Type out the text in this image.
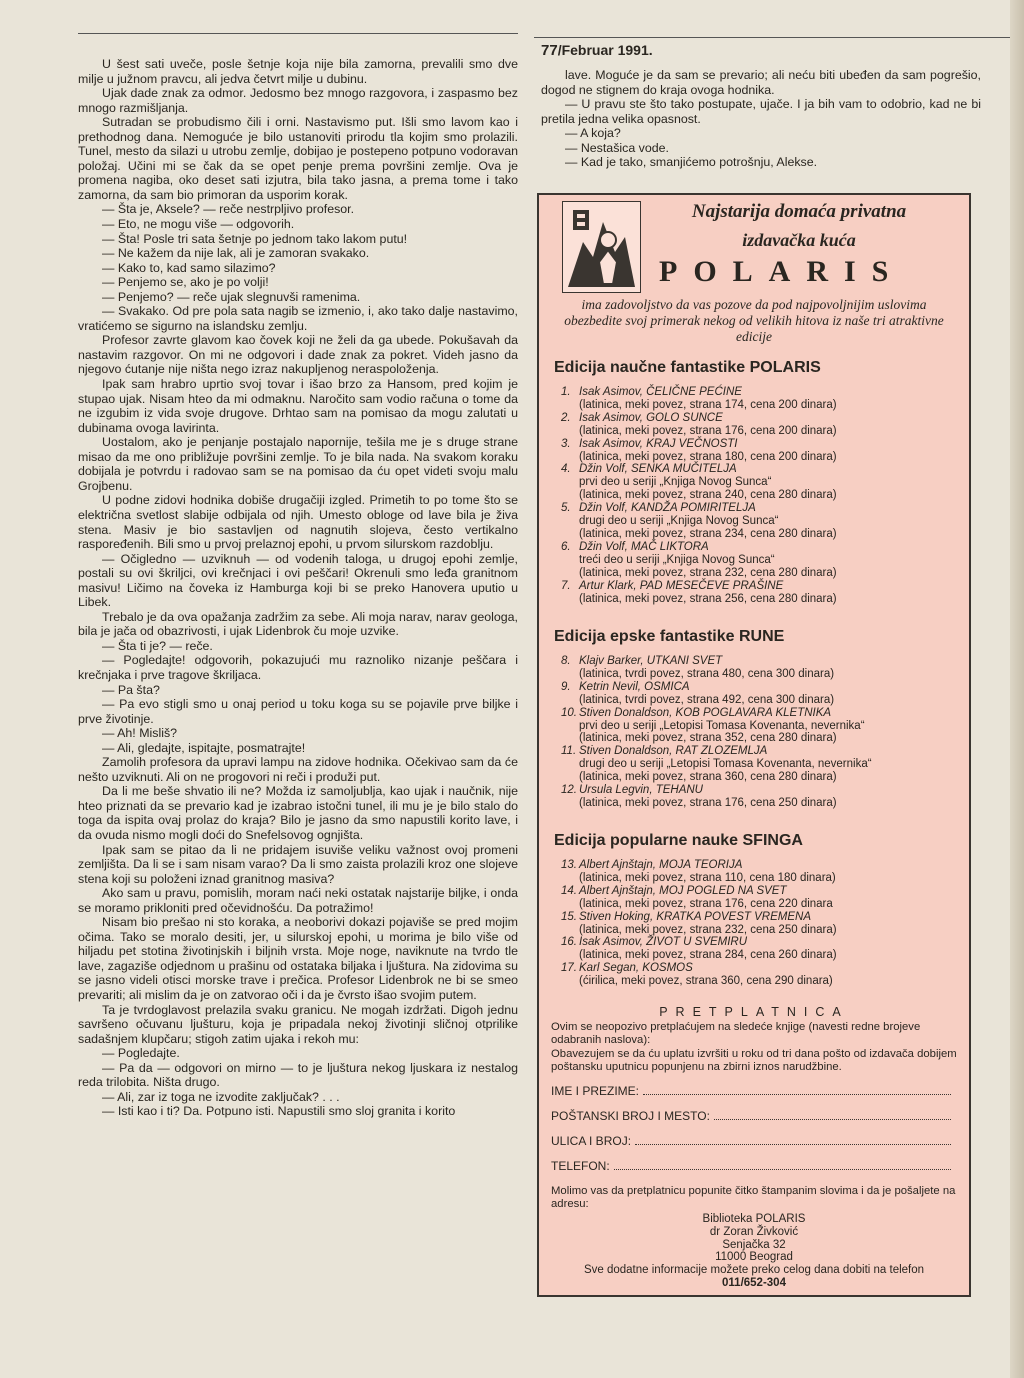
U šest sati uveče, posle šetnje koja nije bila zamorna, prevalili smo dve milje u južnom pravcu, ali jedva četvrt milje u dubinu.

Ujak dade znak za odmor. Jedosmo bez mnogo razgovora, i zaspasmo bez mnogo razmišljanja.

Sutradan se probudismo čili i orni. Nastavismo put. Išli smo lavom kao i prethodnog dana. Nemoguće je bilo ustanoviti prirodu tla kojim smo prolazili. Tunel, mesto da silazi u utrobu zemlje, dobijao je postepeno potpuno vodoravan položaj. Učini mi se čak da se opet penje prema površini zemlje. Ova je promena nagiba, oko deset sati izjutra, bila tako jasna, a prema tome i tako zamorna, da sam bio primoran da usporim korak.

— Šta je, Aksele? — reče nestrpljivo profesor.

— Eto, ne mogu više — odgovorih.

— Šta! Posle tri sata šetnje po jednom tako lakom putu!

— Ne kažem da nije lak, ali je zamoran svakako.

— Kako to, kad samo silazimo?

— Penjemo se, ako je po volji!

— Penjemo? — reče ujak slegnuvši ramenima.

— Svakako. Od pre pola sata nagib se izmenio, i, ako tako dalje nastavimo, vratićemo se sigurno na islandsku zemlju.

Profesor zavrte glavom kao čovek koji ne želi da ga ubede. Pokušavah da nastavim razgovor. On mi ne odgovori i dade znak za pokret. Videh jasno da njegovo ćutanje nije ništa nego izraz nakupljenog neraspoloženja.

Ipak sam hrabro uprtio svoj tovar i išao brzo za Hansom, pred kojim je stupao ujak. Nisam hteo da mi odmaknu. Naročito sam vodio računa o tome da ne izgubim iz vida svoje drugove. Drhtao sam na pomisao da mogu zalutati u dubinama ovoga lavirinta.

Uostalom, ako je penjanje postajalo napornije, tešila me je s druge strane misao da me ono približuje površini zemlje. To je bila nada. Na svakom koraku dobijala je potvrdu i radovao sam se na pomisao da ću opet videti svoju malu Grojbenu.

U podne zidovi hodnika dobiše drugačiji izgled. Primetih to po tome što se električna svetlost slabije odbijala od njih. Umesto obloge od lave bila je živa stena. Masiv je bio sastavljen od nagnutih slojeva, često vertikalno raspoređenih. Bili smo u prvoj prelaznoj epohi, u prvom silurskom razdoblju.

— Očigledno — uzviknuh — od vodenih taloga, u drugoj epohi zemlje, postali su ovi škriljci, ovi krečnjaci i ovi peščari! Okrenuli smo leđa granitnom masivu! Ličimo na čoveka iz Hamburga koji bi se preko Hanovera uputio u Libek.

Trebalo je da ova opažanja zadržim za sebe. Ali moja narav, narav geologa, bila je jača od obazrivosti, i ujak Lidenbrok ču moje uzvike.

— Šta ti je? — reče.

— Pogledajte! odgovorih, pokazujući mu raznoliko nizanje peščara i krečnjaka i prve tragove škriljaca.

— Pa šta?

— Pa evo stigli smo u onaj period u toku koga su se pojavile prve biljke i prve životinje.

— Ah! Misliš?

— Ali, gledajte, ispitajte, posmatrajte!

Zamolih profesora da upravi lampu na zidove hodnika. Očekivao sam da će nešto uzviknuti. Ali on ne progovori ni reči i produži put.

Da li me beše shvatio ili ne? Možda iz samoljublja, kao ujak i naučnik, nije hteo priznati da se prevario kad je izabrao istočni tunel, ili mu je je bilo stalo do toga da ispita ovaj prolaz do kraja? Bilo je jasno da smo napustili korito lave, i da ovuda nismo mogli doći do Snefelsovog ognjišta.

Ipak sam se pitao da li ne pridajem isuviše veliku važnost ovoj promeni zemljišta. Da li se i sam nisam varao? Da li smo zaista prolazili kroz one slojeve stena koji su položeni iznad granitnog masiva?

Ako sam u pravu, pomislih, moram naći neki ostatak najstarije biljke, i onda se moramo prikloniti pred očevidnošću. Da potražimo!

Nisam bio prešao ni sto koraka, a neoborivi dokazi pojaviše se pred mojim očima. Tako se moralo desiti, jer, u silurskoj epohi, u morima je bilo više od hiljadu pet stotina životinjskih i biljnih vrsta. Moje noge, naviknute na tvrdo tle lave, zagaziše odjednom u prašinu od ostataka biljaka i ljuštura. Na zidovima su se jasno videli otisci morske trave i prečica. Profesor Lidenbrok ne bi se smeo prevariti; ali mislim da je on zatvorao oči i da je čvrsto išao svojim putem.

Ta je tvrdoglavost prelazila svaku granicu. Ne mogah izdržati. Digoh jednu savršeno očuvanu ljušturu, koja je pripadala nekoj životinji sličnoj otprilike sadašnjem klupčaru; stigoh zatim ujaka i rekoh mu:

— Pogledajte.

— Pa da — odgovori on mirno — to je ljuštura nekog ljuskara iz nestalog reda trilobita. Ništa drugo.

— Ali, zar iz toga ne izvodite zaključak? . . .

— Isti kao i ti? Da. Potpuno isti. Napustili smo sloj granita i korito

77/Februar 1991.

lave. Moguće je da sam se prevario; ali neću biti ubeđen da sam pogrešio, dogod ne stignem do kraja ovoga hodnika.

— U pravu ste što tako postupate, ujače. I ja bih vam to odobrio, kad ne bi pretila jedna velika opasnost.

— A koja?

— Nestašica vode.

— Kad je tako, smanjićemo potrošnju, Alekse.

Najstarija domaća privatna
izdavačka kuća
POLARIS
ima zadovoljstvo da vas pozove da pod najpovoljnijim uslovima obezbedite svoj primerak nekog od velikih hitova iz naše tri atraktivne edicije
Edicija naučne fantastike POLARIS
1. Isak Asimov, ČELIČNE PEĆINE
(latinica, meki povez, strana 174, cena 200 dinara)
2. Isak Asimov, GOLO SUNCE
(latinica, meki povez, strana 176, cena 200 dinara)
3. Isak Asimov, KRAJ VEČNOSTI
(latinica, meki povez, strana 180, cena 200 dinara)
4. Džin Volf, SENKA MUČITELJA
prvi deo u seriji „Knjiga Novog Sunca“
(latinica, meki povez, strana 240, cena 280 dinara)
5. Džin Volf, KANDŽA POMIRITELJA
drugi deo u seriji „Knjiga Novog Sunca“
(latinica, meki povez, strana 234, cena 280 dinara)
6. Džin Volf, MAČ LIKTORA
treći deo u seriji „Knjiga Novog Sunca“
(latinica, meki povez, strana 232, cena 280 dinara)
7. Artur Klark, PAD MESEČEVE PRAŠINE
(latinica, meki povez, strana 256, cena 280 dinara)
Edicija epske fantastike RUNE
8. Klajv Barker, UTKANI SVET
(latinica, tvrdi povez, strana 480, cena 300 dinara)
9. Ketrin Nevil, OSMICA
(latinica, tvrdi povez, strana 492, cena 300 dinara)
10. Stiven Donaldson, KOB POGLAVARA KLETNIKA
prvi deo u seriji „Letopisi Tomasa Kovenanta, nevernika“
(latinica, meki povez, strana 352, cena 280 dinara)
11. Stiven Donaldson, RAT ZLOZEMLJA
drugi deo u seriji „Letopisi Tomasa Kovenanta, nevernika“
(latinica, meki povez, strana 360, cena 280 dinara)
12. Ursula Legvin, TEHANU
(latinica, meki povez, strana 176, cena 250 dinara)
Edicija popularne nauke SFINGA
13. Albert Ajnštajn, MOJA TEORIJA
(latinica, meki povez, strana 110, cena 180 dinara)
14. Albert Ajnštajn, MOJ POGLED NA SVET
(latinica, meki povez, strana 176, cena 220 dinara
15. Stiven Hoking, KRATKA POVEST VREMENA
(latinica, meki povez, strana 232, cena 250 dinara)
16. Isak Asimov, ŽIVOT U SVEMIRU
(latinica, meki povez, strana 284, cena 260 dinara)
17. Karl Segan, KOSMOS
(ćirilica, meki povez, strana 360, cena 290 dinara)
PRETPLATNICA
Ovim se neopozivo pretplaćujem na sledeće knjige (navesti redne brojeve odabranih naslova):
Obavezujem se da ću uplatu izvršiti u roku od tri dana pošto od izdavača dobijem poštansku uputnicu popunjenu na zbirni iznos narudžbine.
IME I PREZIME:
POŠTANSKI BROJ I MESTO:
ULICA I BROJ:
TELEFON:
Molimo vas da pretplatnicu popunite čitko štampanim slovima i da je pošaljete na adresu:
Biblioteka POLARIS
dr Zoran Živković
Senjačka 32
11000 Beograd
Sve dodatne informacije možete preko celog dana dobiti na telefon
011/652-304
